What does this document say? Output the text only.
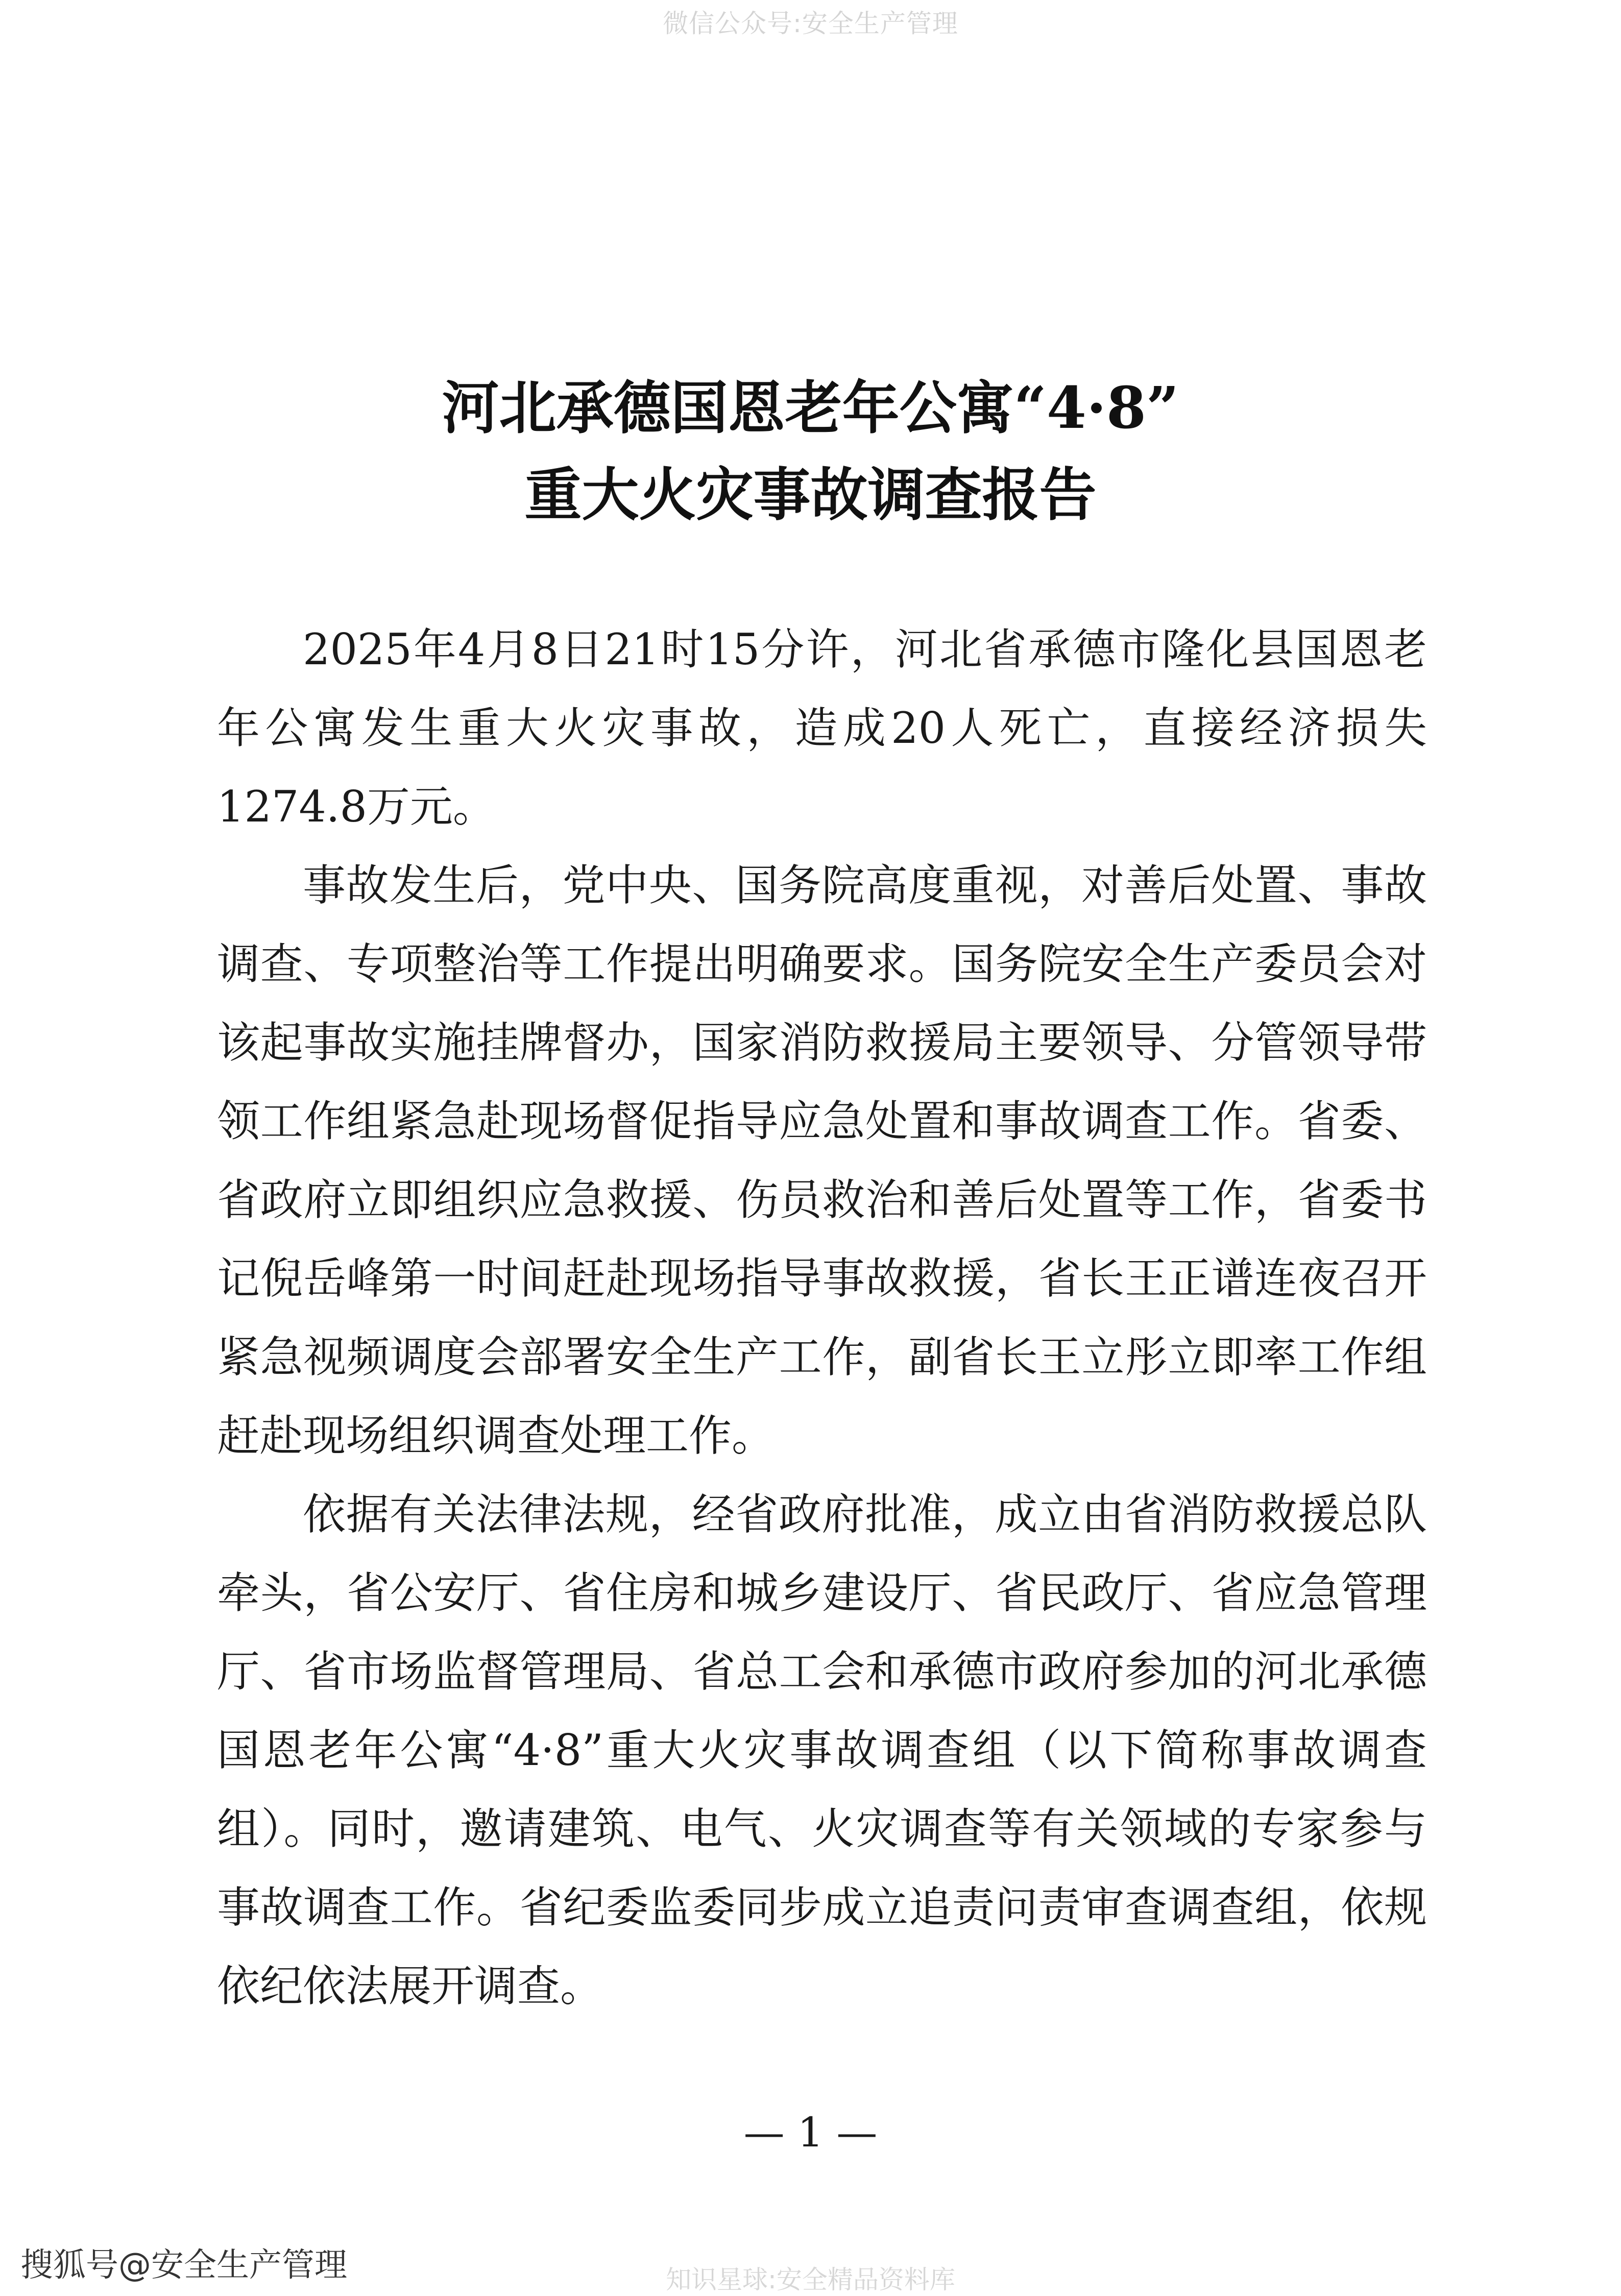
微信公众号:安全生产管理
河北承德国恩老年公寓“4·8”
重大火灾事故调查报告

2025年4月8日21时15分许，河北省承德市隆化县国恩老年公寓发生重大火灾事故，造成20人死亡，直接经济损失1274.8万元。

事故发生后，党中央、国务院高度重视，对善后处置、事故调查、专项整治等工作提出明确要求。国务院安全生产委员会对该起事故实施挂牌督办，国家消防救援局主要领导、分管领导带领工作组紧急赴现场督促指导应急处置和事故调查工作。省委、省政府立即组织应急救援、伤员救治和善后处置等工作，省委书记倪岳峰第一时间赶赴现场指导事故救援，省长王正谱连夜召开紧急视频调度会部署安全生产工作，副省长王立彤立即率工作组赶赴现场组织调查处理工作。

依据有关法律法规，经省政府批准，成立由省消防救援总队牵头，省公安厅、省住房和城乡建设厅、省民政厅、省应急管理厅、省市场监督管理局、省总工会和承德市政府参加的河北承德国恩老年公寓“4·8”重大火灾事故调查组（以下简称事故调查组）。同时，邀请建筑、电气、火灾调查等有关领域的专家参与事故调查工作。省纪委监委同步成立追责问责审查调查组，依规依纪依法展开调查。

— 1 —
搜狐号@安全生产管理	知识星球:安全精品资料库
